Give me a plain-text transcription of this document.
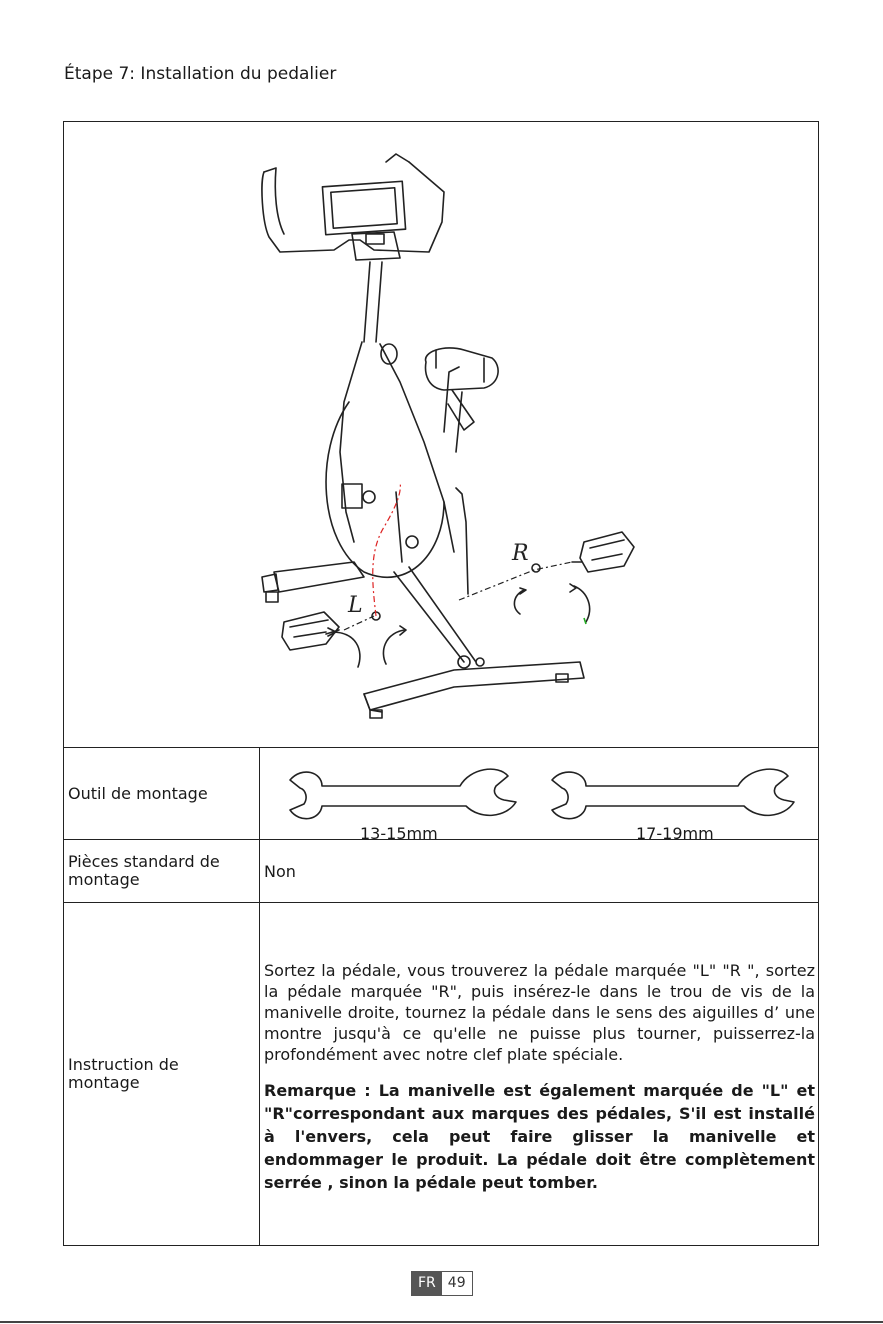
Étape 7: Installation du pedalier
L
R
Outil de montage
13-15mm	17-19mm
Pièces standard de montage	Non
Instruction de montage
Sortez la pédale, vous trouverez la pédale marquée "L" "R ", sortez la pédale marquée "R", puis insérez-le dans le trou de vis de la manivelle droite, tournez la pédale dans le sens des aiguilles d’ une montre jusqu'à ce qu'elle ne puisse plus tourner, puisserrez-la profondément avec notre clef plate spéciale.
Remarque : La manivelle est également marquée de "L" et "R"correspondant aux marques des pédales, S'il est installé à l'envers, cela peut faire glisser la manivelle et endommager le produit. La pédale doit être complètement serrée , sinon la pédale peut tomber.
FR 49
